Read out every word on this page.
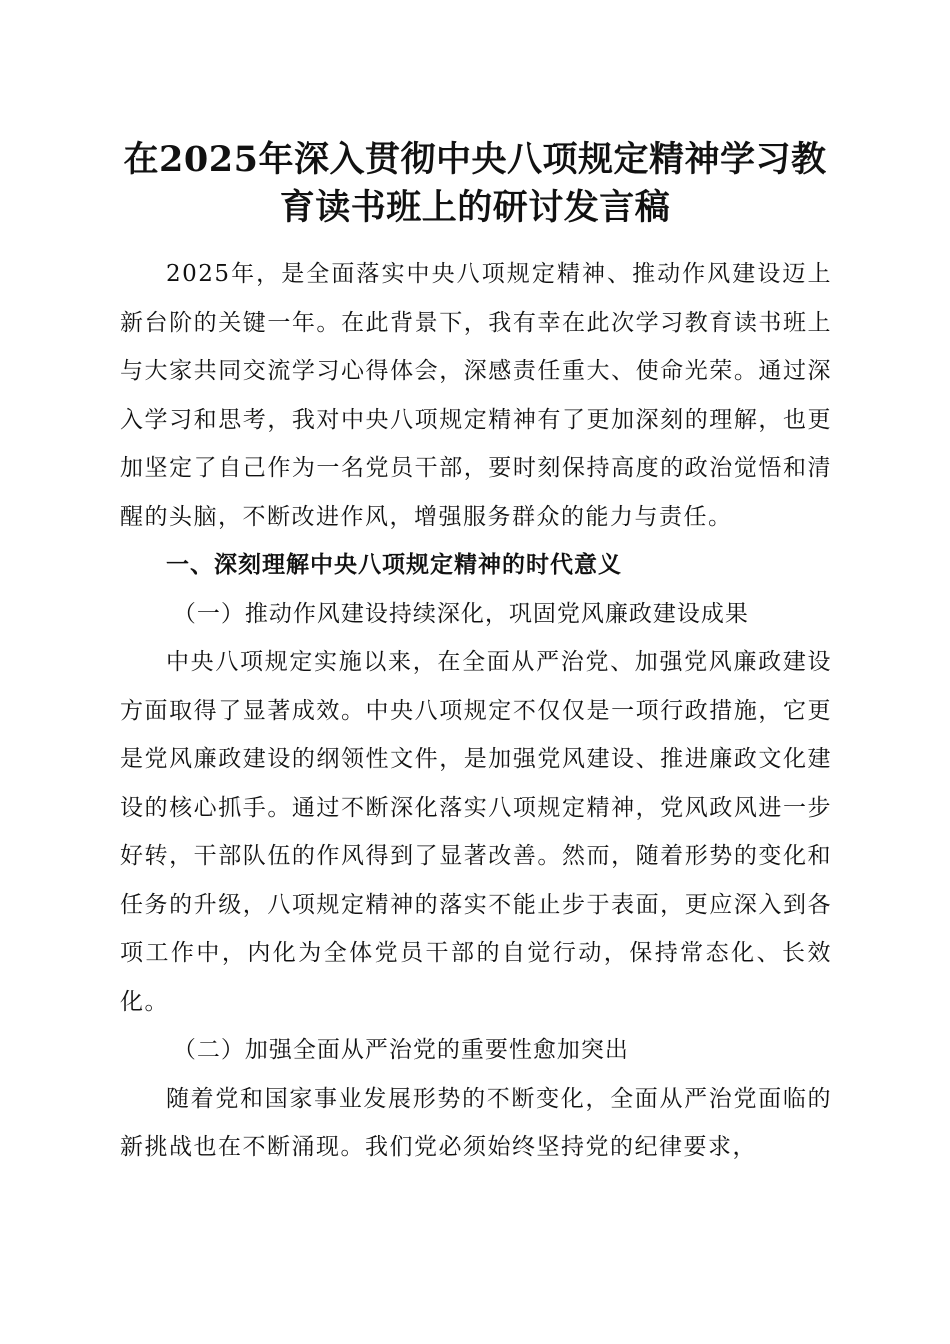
在2025年深入贯彻中央八项规定精神学习教
育读书班上的研讨发言稿

2025年，是全面落实中央八项规定精神、推动作风建设迈上新台阶的关键一年。在此背景下，我有幸在此次学习教育读书班上与大家共同交流学习心得体会，深感责任重大、使命光荣。通过深入学习和思考，我对中央八项规定精神有了更加深刻的理解，也更加坚定了自己作为一名党员干部，要时刻保持高度的政治觉悟和清醒的头脑，不断改进作风，增强服务群众的能力与责任。

一、深刻理解中央八项规定精神的时代意义

（一）推动作风建设持续深化，巩固党风廉政建设成果

中央八项规定实施以来，在全面从严治党、加强党风廉政建设方面取得了显著成效。中央八项规定不仅仅是一项行政措施，它更是党风廉政建设的纲领性文件，是加强党风建设、推进廉政文化建设的核心抓手。通过不断深化落实八项规定精神，党风政风进一步好转，干部队伍的作风得到了显著改善。然而，随着形势的变化和任务的升级，八项规定精神的落实不能止步于表面，更应深入到各项工作中，内化为全体党员干部的自觉行动，保持常态化、长效化。

（二）加强全面从严治党的重要性愈加突出

随着党和国家事业发展形势的不断变化，全面从严治党面临的新挑战也在不断涌现。我们党必须始终坚持党的纪律要求，
